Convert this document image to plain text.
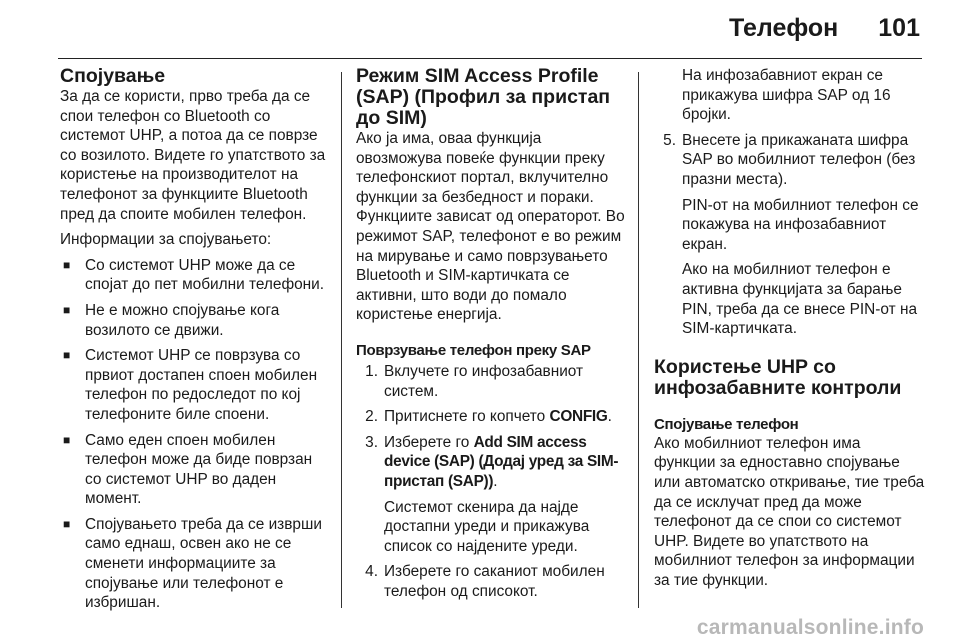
Телефон 101
Спојување

За да се користи, прво треба да се спои телефон со Bluetooth со системот UHP, а потоа да се поврзе со возилото. Видете го упатството за користење на производителот на телефонот за функциите Bluetooth пред да споите мобилен телефон.

Информации за спојувањето:

■ Со системот UHP може да се спојат до пет мобилни телефони.
■ Не е можно спојување кога возилото се движи.
■ Системот UHP се поврзува со првиот достапен споен мобилен телефон по редоследот по кој телефоните биле споени.
■ Само еден споен мобилен телефон може да биде поврзан со системот UHP во даден момент.
■ Спојувањето треба да се изврши само еднаш, освен ако не се сменети информациите за спојување или телефонот е избришан.
Режим SIM Access Profile (SAP) (Профил за пристап до SIM)

Ако ја има, оваа функција овозможува повеќе функции преку телефонскиот портал, вклучително функции за безбедност и пораки. Функциите зависат од операторот. Во режимот SAP, телефонот е во режим на мирување и само поврзувањето Bluetooth и SIM-картичката се активни, што води до помало користење енергија.

Поврзување телефон преку SAP
1. Вклучете го инфозабавниот систем.
2. Притиснете го копчето CONFIG.
3. Изберете го Add SIM access device (SAP) (Додај уред за SIM-пристап (SAP)).

Системот скенира да најде достапни уреди и прикажува список со најдените уреди.

4. Изберете го саканиот мобилен телефон од списокот.

На инфозабавниот екран се прикажува шифра SAP од 16 бројки.

5. Внесете ја прикажаната шифра SAP во мобилниот телефон (без празни места).

PIN-от на мобилниот телефон се покажува на инфозабавниот екран.

Ако на мобилниот телефон е активна функцијата за барање PIN, треба да се внесе PIN-от на SIM-картичката.

Користење UHP со инфозабавните контроли
Спојување телефон

Ако мобилниот телефон има функции за едноставно спојување или автоматско откривање, тие треба да се исклучат пред да може телефонот да се спои со системот UHP. Видете во упатството на мобилниот телефон за информации за тие функции.

carmanualsonline.info
